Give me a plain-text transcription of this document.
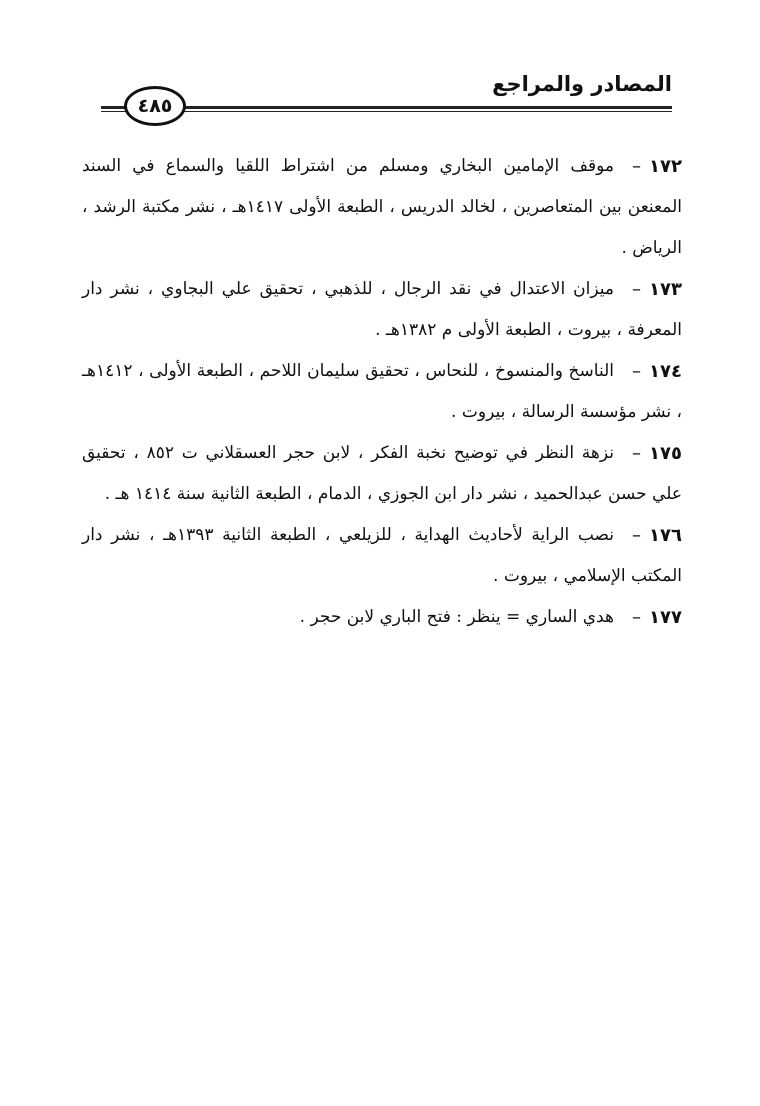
المصادر والمراجع
٤٨٥
١٧٢–
موقف الإمامين البخاري ومسلم من اشتراط اللقيا والسماع في السند المعنعن بين المتعاصرين ، لخالد الدريس ، الطبعة الأولى ١٤١٧هـ ، نشر مكتبة الرشد ، الرياض .
١٧٣–
ميزان الاعتدال في نقد الرجال ، للذهبي ، تحقيق علي البجاوي ، نشر دار المعرفة ، بيروت ، الطبعة الأولى م ١٣٨٢هـ .
١٧٤–
الناسخ والمنسوخ ، للنحاس ، تحقيق سليمان اللاحم ، الطبعة الأولى ، ١٤١٢هـ ، نشر مؤسسة الرسالة ، بيروت .
١٧٥–
نزهة النظر في توضيح نخبة الفكر ، لابن حجر العسقلاني ت ٨٥٢ ، تحقيق علي حسن عبدالحميد ، نشر دار ابن الجوزي ، الدمام ، الطبعة الثانية سنة ١٤١٤ هـ .
١٧٦–
نصب الراية لأحاديث الهداية ، للزيلعي ، الطبعة الثانية ١٣٩٣هـ ، نشر دار المكتب الإسلامي ، بيروت .
١٧٧–
هدي الساري = ينظر : فتح الباري لابن حجر .
